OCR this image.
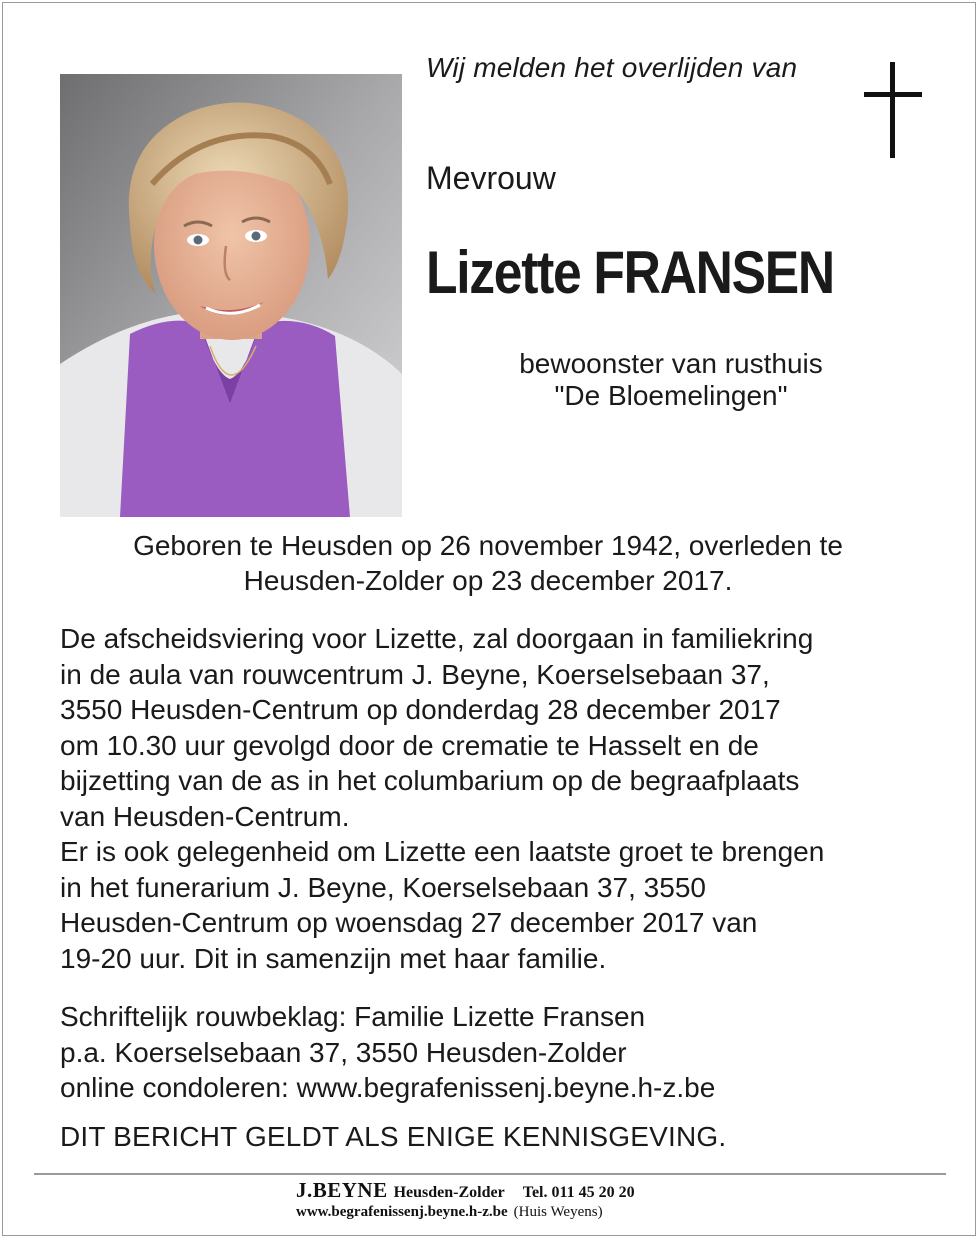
Wij melden het overlijden van
Mevrouw
Lizette FRANSEN
bewoonster van rusthuis
"De Bloemelingen"
Geboren te Heusden op 26 november 1942, overleden te
Heusden-Zolder op 23 december 2017.
De afscheidsviering voor Lizette, zal doorgaan in familiekring
in de aula van rouwcentrum J. Beyne, Koerselsebaan 37,
3550 Heusden-Centrum op donderdag 28 december 2017
om 10.30 uur gevolgd door de crematie te Hasselt en de
bijzetting van de as in het columbarium op de begraafplaats
van Heusden-Centrum.
Er is ook gelegenheid om Lizette een laatste groet te brengen
in het funerarium J. Beyne, Koerselsebaan 37, 3550
Heusden-Centrum op woensdag 27 december 2017 van
19-20 uur. Dit in samenzijn met haar familie.
Schriftelijk rouwbeklag: Familie Lizette Fransen
p.a. Koerselsebaan 37, 3550 Heusden-Zolder
online condoleren: www.begrafenissenj.beyne.h-z.be
DIT BERICHT GELDT ALS ENIGE KENNISGEVING.
J.BEYNE Heusden-Zolder Tel. 011 45 20 20
www.begrafenissenj.beyne.h-z.be (Huis Weyens)
